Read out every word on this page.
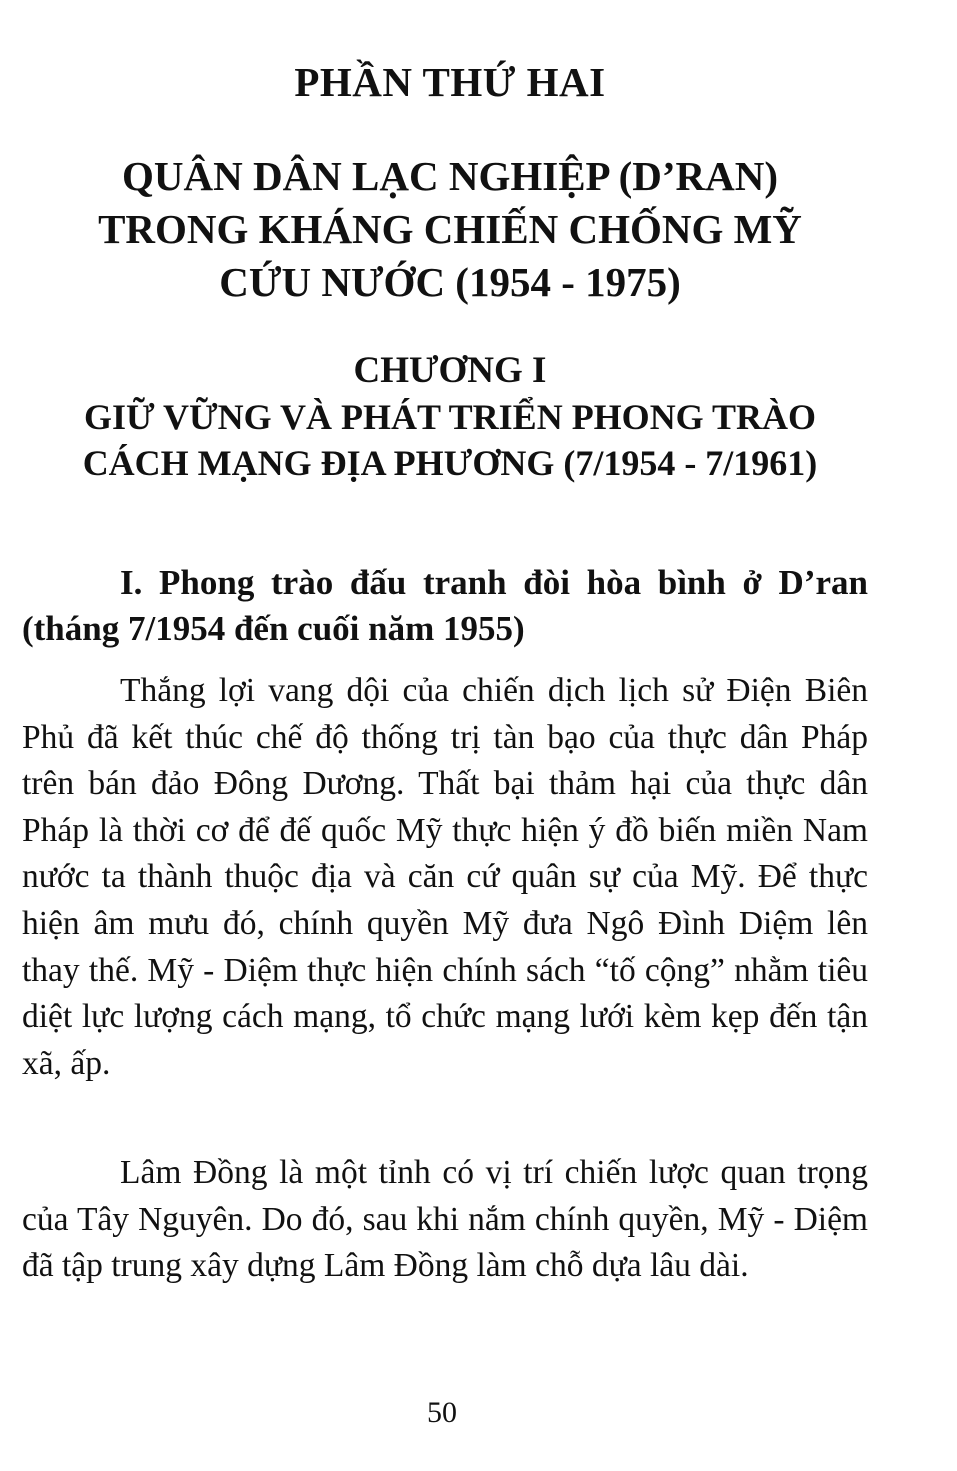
PHẦN THỨ HAI
QUÂN DÂN LẠC NGHIỆP (D’RAN)
TRONG KHÁNG CHIẾN CHỐNG MỸ
CỨU NƯỚC (1954 - 1975)
CHƯƠNG I
GIỮ VỮNG VÀ PHÁT TRIỂN PHONG TRÀO
CÁCH MẠNG ĐỊA PHƯƠNG (7/1954 - 7/1961)
I. Phong trào đấu tranh đòi hòa bình ở D’ran (tháng 7/1954 đến cuối năm 1955)

Thắng lợi vang dội của chiến dịch lịch sử Điện Biên Phủ đã kết thúc chế độ thống trị tàn bạo của thực dân Pháp trên bán đảo Đông Dương. Thất bại thảm hại của thực dân Pháp là thời cơ để đế quốc Mỹ thực hiện ý đồ biến miền Nam nước ta thành thuộc địa và căn cứ quân sự của Mỹ. Để thực hiện âm mưu đó, chính quyền Mỹ đưa Ngô Đình Diệm lên thay thế. Mỹ - Diệm thực hiện chính sách “tố cộng” nhằm tiêu diệt lực lượng cách mạng, tổ chức mạng lưới kèm kẹp đến tận xã, ấp.

Lâm Đồng là một tỉnh có vị trí chiến lược quan trọng của Tây Nguyên. Do đó, sau khi nắm chính quyền, Mỹ - Diệm đã tập trung xây dựng Lâm Đồng làm chỗ dựa lâu dài.

50
